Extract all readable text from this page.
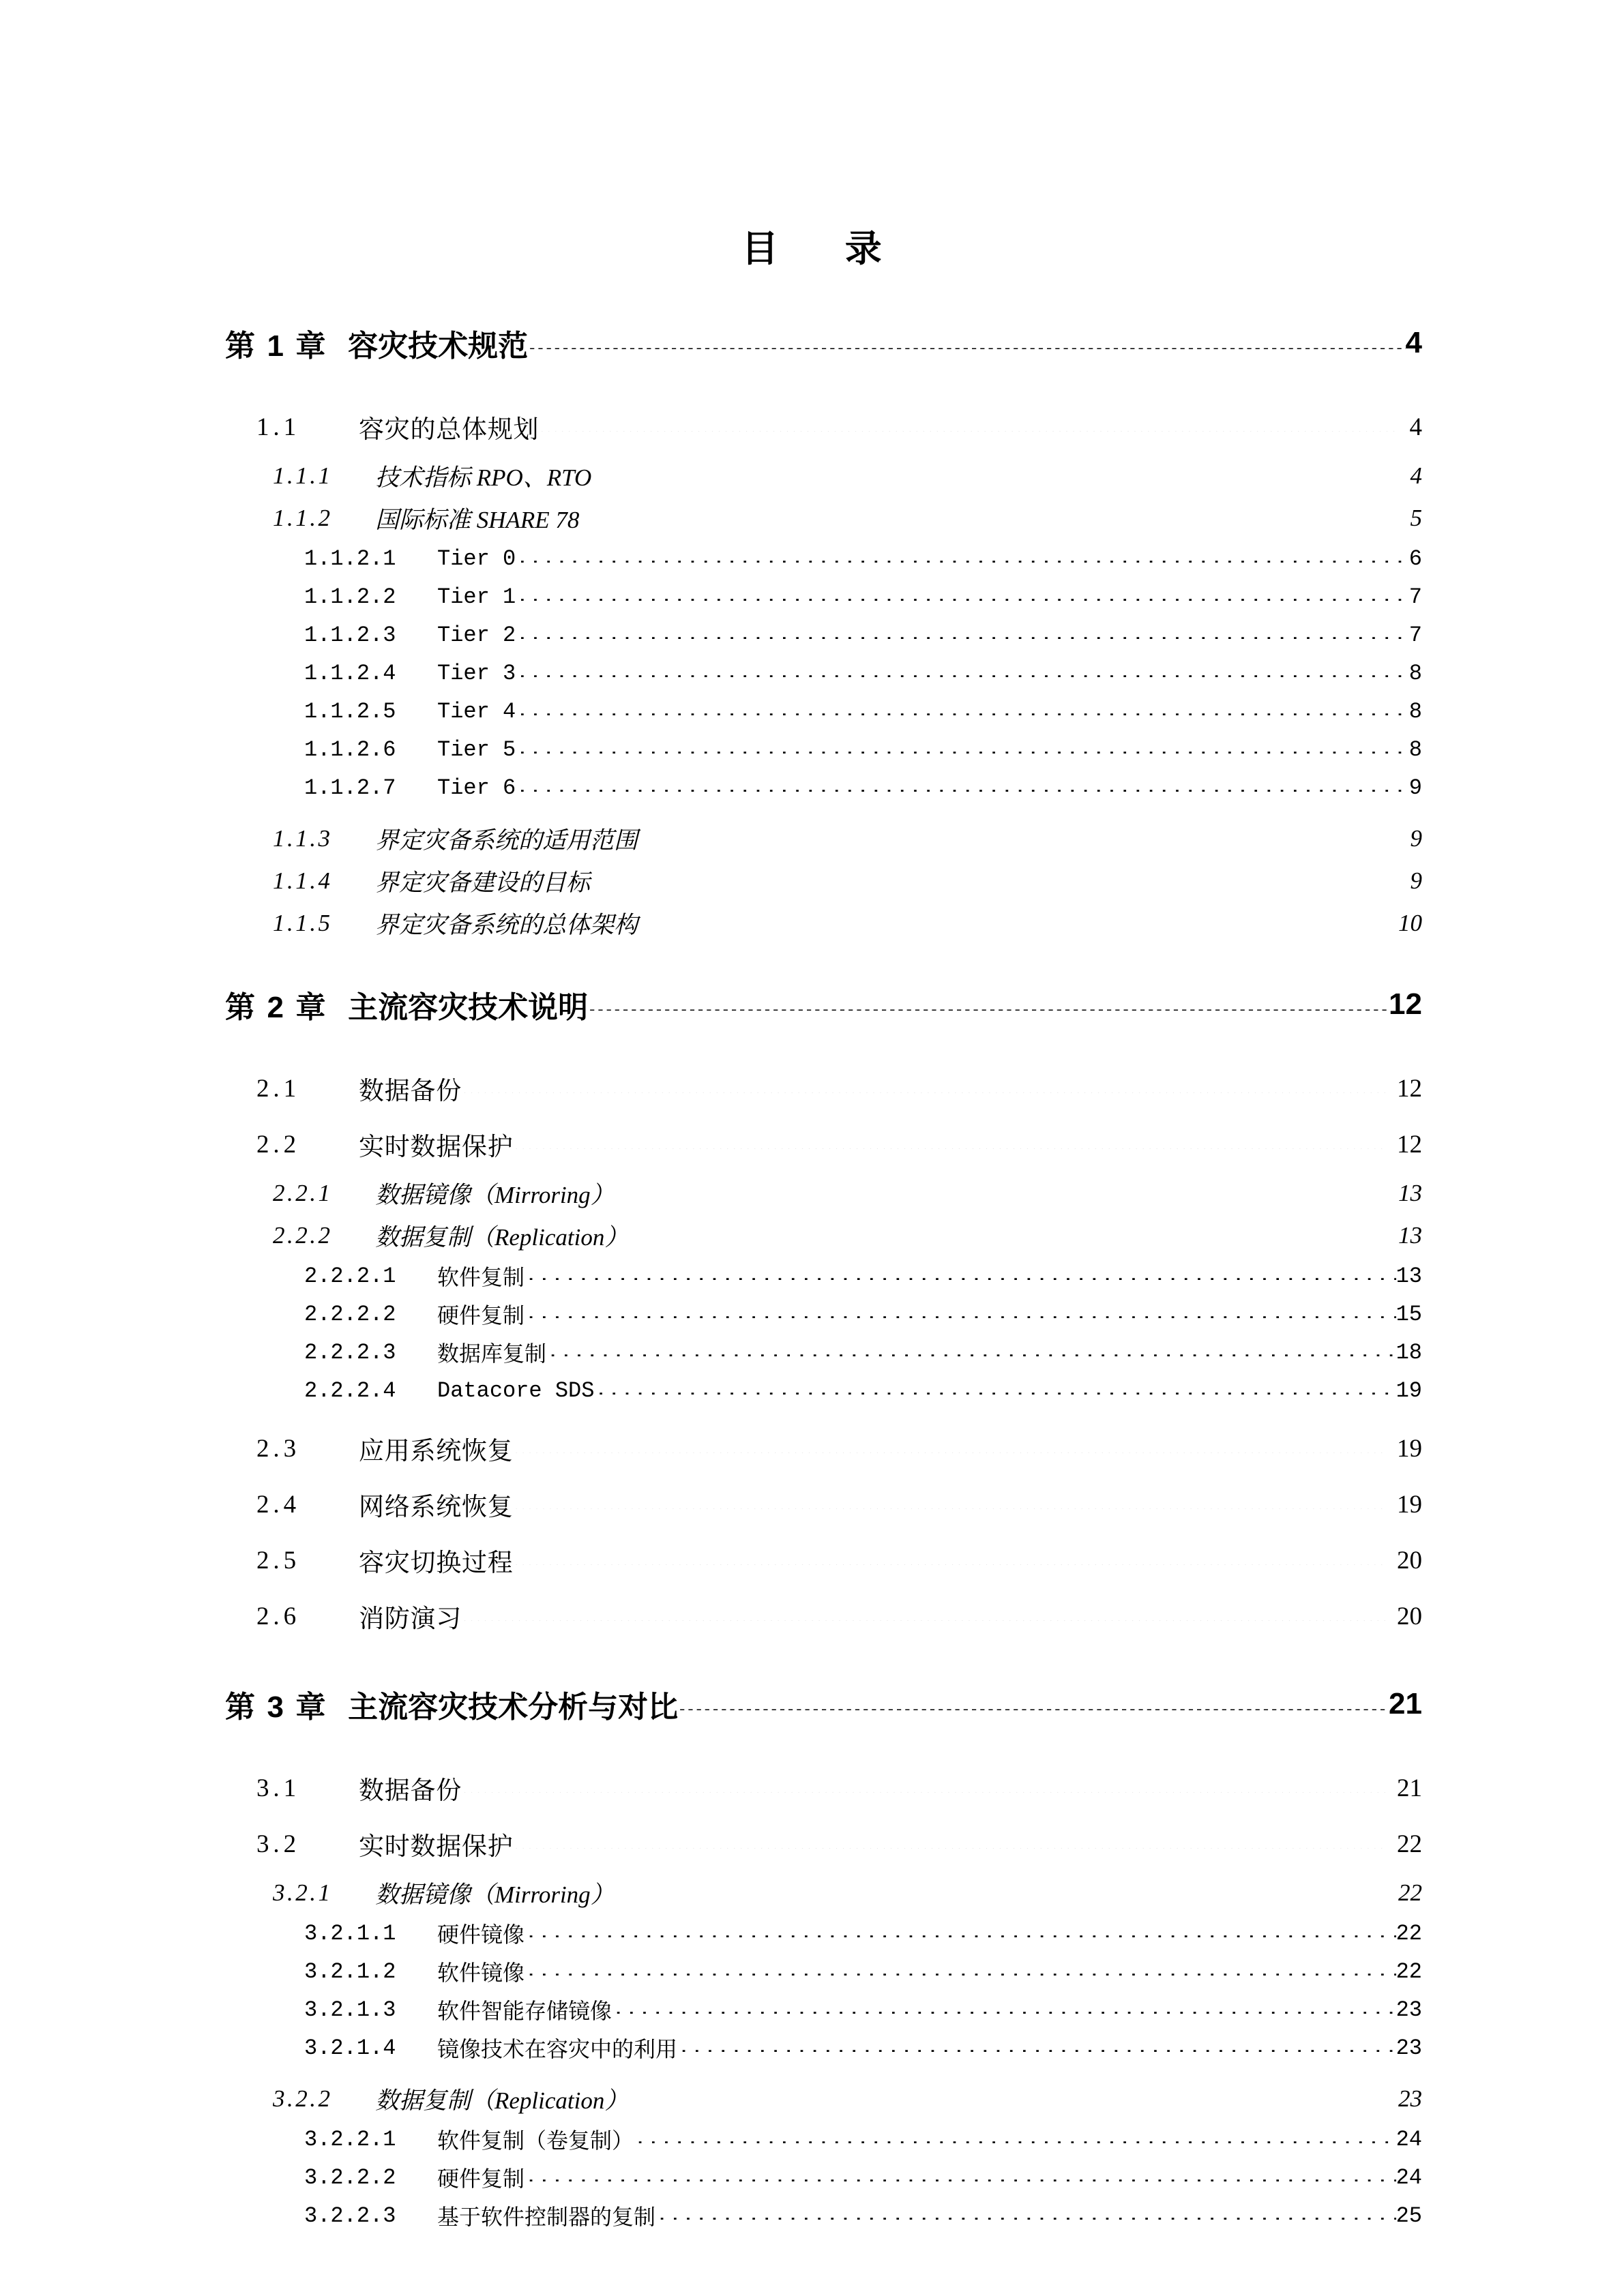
目      录
第 1 章 容灾技术规范 .....	4
1.1	容灾的总体规划 .....	4
1.1.1	技术指标 RPO、RTO .....	4
1.1.2	国际标准 SHARE 78 .....	5
1.1.2.1	Tier 0 .....	6
1.1.2.2	Tier 1 .....	7
1.1.2.3	Tier 2 .....	7
1.1.2.4	Tier 3 .....	8
1.1.2.5	Tier 4 .....	8
1.1.2.6	Tier 5 .....	8
1.1.2.7	Tier 6 .....	9
1.1.3	界定灾备系统的适用范围 .....	9
1.1.4	界定灾备建设的目标 .....	9
1.1.5	界定灾备系统的总体架构 .....	10
第 2 章 主流容灾技术说明 .....	12
2.1	数据备份 .....	12
2.2	实时数据保护 .....	12
2.2.1	数据镜像（Mirroring） .....	13
2.2.2	数据复制（Replication） .....	13
2.2.2.1	软件复制 .....	13
2.2.2.2	硬件复制 .....	15
2.2.2.3	数据库复制 .....	18
2.2.2.4	Datacore SDS .....	19
2.3	应用系统恢复 .....	19
2.4	网络系统恢复 .....	19
2.5	容灾切换过程 .....	20
2.6	消防演习 .....	20
第 3 章 主流容灾技术分析与对比 .....	21
3.1	数据备份 .....	21
3.2	实时数据保护 .....	22
3.2.1	数据镜像（Mirroring） .....	22
3.2.1.1	硬件镜像 .....	22
3.2.1.2	软件镜像 .....	22
3.2.1.3	软件智能存储镜像 .....	23
3.2.1.4	镜像技术在容灾中的利用 .....	23
3.2.2	数据复制（Replication） .....	23
3.2.2.1	软件复制（卷复制） .....	24
3.2.2.2	硬件复制 .....	24
3.2.2.3	基于软件控制器的复制 .....	25
